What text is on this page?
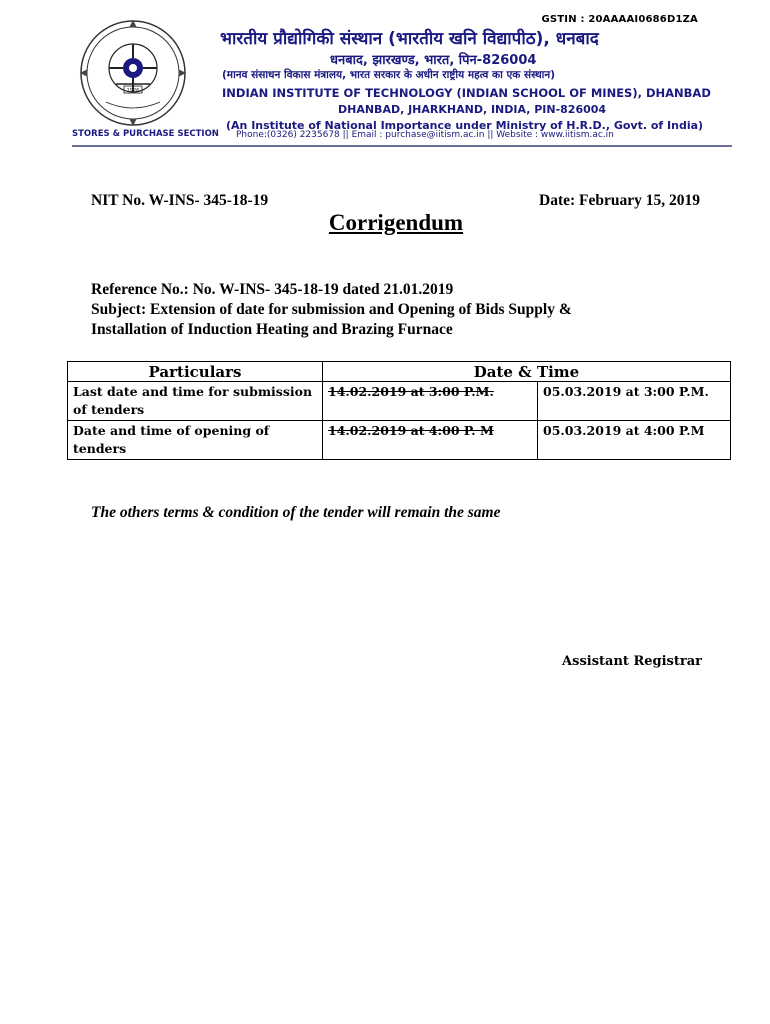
1926
GSTIN : 20AAAAI0686D1ZA
भारतीय प्रौद्योगिकी संस्थान (भारतीय खनि विद्यापीठ), धनबाद
धनबाद, झारखण्ड, भारत, पिन-826004
(मानव संसाधन विकास मंत्रालय, भारत सरकार के अधीन राष्ट्रीय महत्व का एक संस्थान)
INDIAN INSTITUTE OF TECHNOLOGY (INDIAN SCHOOL OF MINES), DHANBAD
DHANBAD, JHARKHAND, INDIA, PIN-826004
(An Institute of National Importance under Ministry of H.R.D., Govt. of India)
STORES & PURCHASE SECTION Phone:(0326) 2235678 || Email : purchase@iitism.ac.in || Website : www.iitism.ac.in
NIT No. W-INS- 345-18-19	Date: February 15, 2019
Corrigendum
Reference No.: No. W-INS- 345-18-19 dated 21.01.2019
Subject: Extension of date for submission and Opening of Bids Supply &
Installation of Induction Heating and Brazing Furnace
Particulars	Date & Time	
Last date and time for submission of tenders	14.02.2019 at 3:00 P.M.	05.03.2019 at 3:00 P.M.
Date and time of opening of tenders	14.02.2019 at 4:00 P. M	05.03.2019 at 4:00 P.M
The others terms & condition of the tender will remain the same
Assistant Registrar
